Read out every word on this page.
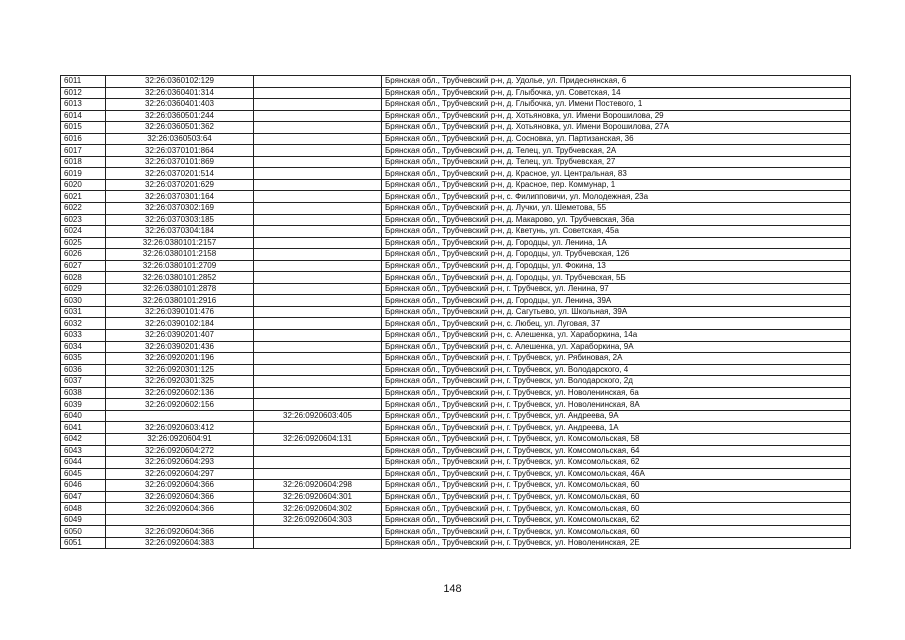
6011	32:26:0360102:129		Брянская обл., Трубчевский р-н, д. Удолье, ул. Придеснянская, 6
6012	32:26:0360401:314		Брянская обл., Трубчевский р-н, д. Глыбочка, ул. Советская, 14
6013	32:26:0360401:403		Брянская обл., Трубчевский р-н, д. Глыбочка, ул. Имени Постевого, 1
6014	32:26:0360501:244		Брянская обл., Трубчевский р-н, д. Хотьяновка, ул. Имени Ворошилова, 29
6015	32:26:0360501:362		Брянская обл., Трубчевский р-н, д. Хотьяновка, ул. Имени Ворошилова, 27А
6016	32:26:0360503:64		Брянская обл., Трубчевский р-н, д. Сосновка, ул. Партизанская, 36
6017	32:26:0370101:864		Брянская обл., Трубчевский р-н, д. Телец, ул. Трубчевская, 2А
6018	32:26:0370101:869		Брянская обл., Трубчевский р-н, д. Телец, ул. Трубчевская, 27
6019	32:26:0370201:514		Брянская обл., Трубчевский р-н, д. Красное, ул. Центральная, 83
6020	32:26:0370201:629		Брянская обл., Трубчевский р-н, д. Красное, пер. Коммунар, 1
6021	32:26:0370301:164		Брянская обл., Трубчевский р-н, с. Филипповичи, ул. Молодежная, 23а
6022	32:26:0370302:169		Брянская обл., Трубчевский р-н, д. Лучки, ул. Шеметова, 55
6023	32:26:0370303:185		Брянская обл., Трубчевский р-н, д. Макарово, ул. Трубчевская, 36а
6024	32:26:0370304:184		Брянская обл., Трубчевский р-н, д. Кветунь, ул. Советская, 45а
6025	32:26:0380101:2157		Брянская обл., Трубчевский р-н, д. Городцы, ул. Ленина, 1А
6026	32:26:0380101:2158		Брянская обл., Трубчевский р-н, д. Городцы, ул. Трубчевская, 126
6027	32:26:0380101:2709		Брянская обл., Трубчевский р-н, д. Городцы, ул. Фокина, 13
6028	32:26:0380101:2852		Брянская обл., Трубчевский р-н, д. Городцы, ул. Трубчевская, 5Б
6029	32:26:0380101:2878		Брянская обл., Трубчевский р-н, г. Трубчевск, ул. Ленина, 97
6030	32:26:0380101:2916		Брянская обл., Трубчевский р-н, д. Городцы, ул. Ленина, 39А
6031	32:26:0390101:476		Брянская обл., Трубчевский р-н, д. Сагутьево, ул. Школьная, 39А
6032	32:26:0390102:184		Брянская обл., Трубчевский р-н, с. Любец, ул. Луговая, 37
6033	32:26:0390201:407		Брянская обл., Трубчевский р-н, с. Алешенка, ул. Хараборкина, 14а
6034	32:26:0390201:436		Брянская обл., Трубчевский р-н, с. Алешенка, ул. Хараборкина, 9А
6035	32:26:0920201:196		Брянская обл., Трубчевский р-н, г. Трубчевск, ул. Рябиновая, 2А
6036	32:26:0920301:125		Брянская обл., Трубчевский р-н, г. Трубчевск, ул. Володарского, 4
6037	32:26:0920301:325		Брянская обл., Трубчевский р-н, г. Трубчевск, ул. Володарского, 2д
6038	32:26:0920602:136		Брянская обл., Трубчевский р-н, г. Трубчевск, ул. Новоленинская, 6а
6039	32:26:0920602:156		Брянская обл., Трубчевский р-н, г. Трубчевск, ул. Новоленинская, 8А
6040		32:26:0920603:405	Брянская обл., Трубчевский р-н, г. Трубчевск, ул. Андреева, 9А
6041	32:26:0920603:412		Брянская обл., Трубчевский р-н, г. Трубчевск, ул. Андреева, 1А
6042	32:26:0920604:91	32:26:0920604:131	Брянская обл., Трубчевский р-н, г. Трубчевск, ул. Комсомольская, 58
6043	32:26:0920604:272		Брянская обл., Трубчевский р-н, г. Трубчевск, ул. Комсомольская, 64
6044	32:26:0920604:293		Брянская обл., Трубчевский р-н, г. Трубчевск, ул. Комсомольская, 62
6045	32:26:0920604:297		Брянская обл., Трубчевский р-н, г. Трубчевск, ул. Комсомольская, 46А
6046	32:26:0920604:366	32:26:0920604:298	Брянская обл., Трубчевский р-н, г. Трубчевск, ул. Комсомольская, 60
6047	32:26:0920604:366	32:26:0920604:301	Брянская обл., Трубчевский р-н, г. Трубчевск, ул. Комсомольская, 60
6048	32:26:0920604:366	32:26:0920604:302	Брянская обл., Трубчевский р-н, г. Трубчевск, ул. Комсомольская, 60
6049		32:26:0920604:303	Брянская обл., Трубчевский р-н, г. Трубчевск, ул. Комсомольская, 62
6050	32:26:0920604:366		Брянская обл., Трубчевский р-н, г. Трубчевск, ул. Комсомольская, 60
6051	32:26:0920604:383		Брянская обл., Трубчевский р-н, г. Трубчевск, ул. Новоленинская, 2Е
148
